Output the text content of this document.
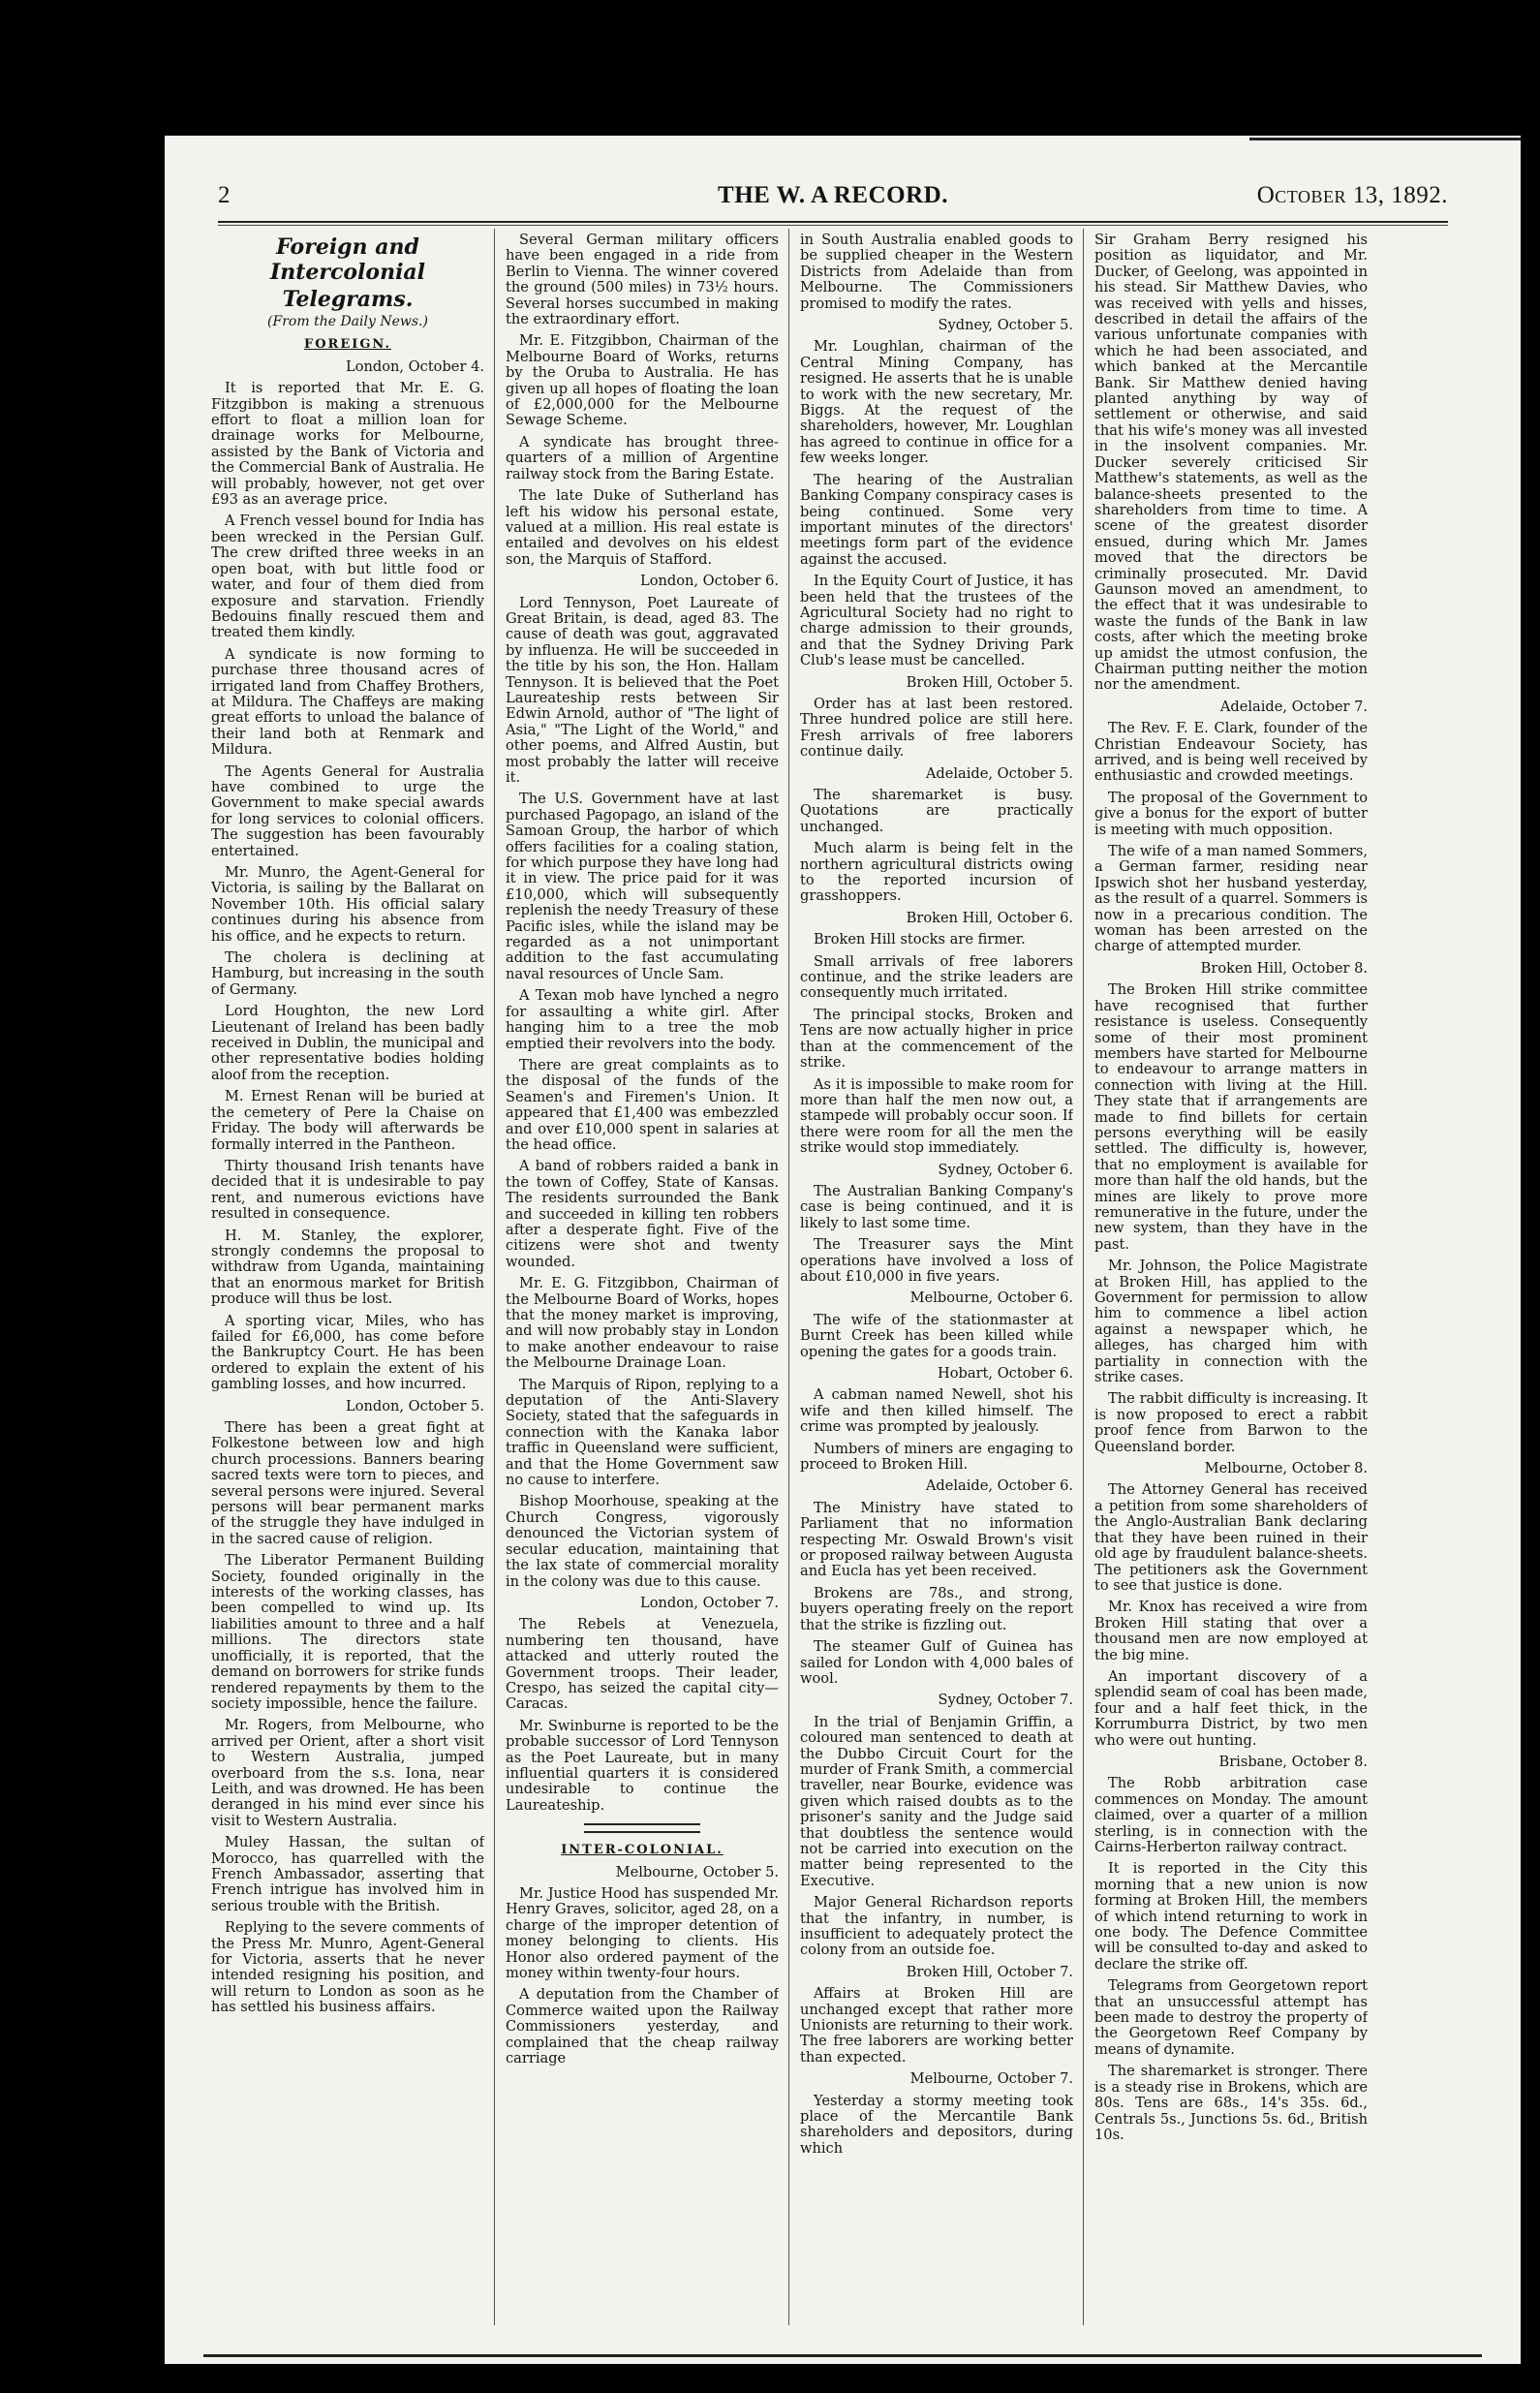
2	THE W. A RECORD.	October 13, 1892.
Foreign and Intercolonial
Telegrams.
(From the Daily News.)
FOREIGN.

London, October 4.

It is reported that Mr. E. G. Fitzgibbon is making a strenuous effort to float a million loan for drainage works for Melbourne, assisted by the Bank of Victoria and the Commercial Bank of Australia. He will probably, however, not get over £93 as an average price.

A French vessel bound for India has been wrecked in the Persian Gulf. The crew drifted three weeks in an open boat, with but little food or water, and four of them died from exposure and starvation. Friendly Bedouins finally rescued them and treated them kindly.

A syndicate is now forming to purchase three thousand acres of irrigated land from Chaffey Brothers, at Mildura. The Chaffeys are making great efforts to unload the balance of their land both at Renmark and Mildura.

The Agents General for Australia have combined to urge the Government to make special awards for long services to colonial officers. The suggestion has been favourably entertained.

Mr. Munro, the Agent-General for Victoria, is sailing by the Ballarat on November 10th. His official salary continues during his absence from his office, and he expects to return.

The cholera is declining at Hamburg, but increasing in the south of Germany.

Lord Houghton, the new Lord Lieutenant of Ireland has been badly received in Dublin, the municipal and other representative bodies holding aloof from the reception.

M. Ernest Renan will be buried at the cemetery of Pere la Chaise on Friday. The body will afterwards be formally interred in the Pantheon.

Thirty thousand Irish tenants have decided that it is undesirable to pay rent, and numerous evictions have resulted in consequence.

H. M. Stanley, the explorer, strongly condemns the proposal to withdraw from Uganda, maintaining that an enormous market for British produce will thus be lost.

A sporting vicar, Miles, who has failed for £6,000, has come before the Bankruptcy Court. He has been ordered to explain the extent of his gambling losses, and how incurred.

London, October 5.

There has been a great fight at Folkestone between low and high church processions. Banners bearing sacred texts were torn to pieces, and several persons were injured. Several persons will bear permanent marks of the struggle they have indulged in in the sacred cause of religion.

The Liberator Permanent Building Society, founded originally in the interests of the working classes, has been compelled to wind up. Its liabilities amount to three and a half millions. The directors state unofficially, it is reported, that the demand on borrowers for strike funds rendered repayments by them to the society impossible, hence the failure.

Mr. Rogers, from Melbourne, who arrived per Orient, after a short visit to Western Australia, jumped overboard from the s.s. Iona, near Leith, and was drowned. He has been deranged in his mind ever since his visit to Western Australia.

Muley Hassan, the sultan of Morocco, has quarrelled with the French Ambassador, asserting that French intrigue has involved him in serious trouble with the British.

Replying to the severe comments of the Press Mr. Munro, Agent-General for Victoria, asserts that he never intended resigning his position, and will return to London as soon as he has settled his business affairs.

Several German military officers have been engaged in a ride from Berlin to Vienna. The winner covered the ground (500 miles) in 73½ hours. Several horses succumbed in making the extraordinary effort.

Mr. E. Fitzgibbon, Chairman of the Melbourne Board of Works, returns by the Oruba to Australia. He has given up all hopes of floating the loan of £2,000,000 for the Melbourne Sewage Scheme.

A syndicate has brought three-quarters of a million of Argentine railway stock from the Baring Estate.

The late Duke of Sutherland has left his widow his personal estate, valued at a million. His real estate is entailed and devolves on his eldest son, the Marquis of Stafford.

London, October 6.

Lord Tennyson, Poet Laureate of Great Britain, is dead, aged 83. The cause of death was gout, aggravated by influenza. He will be succeeded in the title by his son, the Hon. Hallam Tennyson. It is believed that the Poet Laureateship rests between Sir Edwin Arnold, author of "The light of Asia," "The Light of the World," and other poems, and Alfred Austin, but most probably the latter will receive it.

The U.S. Government have at last purchased Pagopago, an island of the Samoan Group, the harbor of which offers facilities for a coaling station, for which purpose they have long had it in view. The price paid for it was £10,000, which will subsequently replenish the needy Treasury of these Pacific isles, while the island may be regarded as a not unimportant addition to the fast accumulating naval resources of Uncle Sam.

A Texan mob have lynched a negro for assaulting a white girl. After hanging him to a tree the mob emptied their revolvers into the body.

There are great complaints as to the disposal of the funds of the Seamen's and Firemen's Union. It appeared that £1,400 was embezzled and over £10,000 spent in salaries at the head office.

A band of robbers raided a bank in the town of Coffey, State of Kansas. The residents surrounded the Bank and succeeded in killing ten robbers after a desperate fight. Five of the citizens were shot and twenty wounded.

Mr. E. G. Fitzgibbon, Chairman of the Melbourne Board of Works, hopes that the money market is improving, and will now probably stay in London to make another endeavour to raise the Melbourne Drainage Loan.

The Marquis of Ripon, replying to a deputation of the Anti-Slavery Society, stated that the safeguards in connection with the Kanaka labor traffic in Queensland were sufficient, and that the Home Government saw no cause to interfere.

Bishop Moorhouse, speaking at the Church Congress, vigorously denounced the Victorian system of secular education, maintaining that the lax state of commercial morality in the colony was due to this cause.

London, October 7.

The Rebels at Venezuela, numbering ten thousand, have attacked and utterly routed the Government troops. Their leader, Crespo, has seized the capital city—Caracas.

Mr. Swinburne is reported to be the probable successor of Lord Tennyson as the Poet Laureate, but in many influential quarters it is considered undesirable to continue the Laureateship.

INTER-COLONIAL.

Melbourne, October 5.

Mr. Justice Hood has suspended Mr. Henry Graves, solicitor, aged 28, on a charge of the improper detention of money belonging to clients. His Honor also ordered payment of the money within twenty-four hours.

A deputation from the Chamber of Commerce waited upon the Railway Commissioners yesterday, and complained that the cheap railway carriage

in South Australia enabled goods to be supplied cheaper in the Western Districts from Adelaide than from Melbourne. The Commissioners promised to modify the rates.

Sydney, October 5.

Mr. Loughlan, chairman of the Central Mining Company, has resigned. He asserts that he is unable to work with the new secretary, Mr. Biggs. At the request of the shareholders, however, Mr. Loughlan has agreed to continue in office for a few weeks longer.

The hearing of the Australian Banking Company conspiracy cases is being continued. Some very important minutes of the directors' meetings form part of the evidence against the accused.

In the Equity Court of Justice, it has been held that the trustees of the Agricultural Society had no right to charge admission to their grounds, and that the Sydney Driving Park Club's lease must be cancelled.

Broken Hill, October 5.

Order has at last been restored. Three hundred police are still here. Fresh arrivals of free laborers continue daily.

Adelaide, October 5.

The sharemarket is busy. Quotations are practically unchanged.

Much alarm is being felt in the northern agricultural districts owing to the reported incursion of grasshoppers.

Broken Hill, October 6.

Broken Hill stocks are firmer.

Small arrivals of free laborers continue, and the strike leaders are consequently much irritated.

The principal stocks, Broken and Tens are now actually higher in price than at the commencement of the strike.

As it is impossible to make room for more than half the men now out, a stampede will probably occur soon. If there were room for all the men the strike would stop immediately.

Sydney, October 6.

The Australian Banking Company's case is being continued, and it is likely to last some time.

The Treasurer says the Mint operations have involved a loss of about £10,000 in five years.

Melbourne, October 6.

The wife of the stationmaster at Burnt Creek has been killed while opening the gates for a goods train.

Hobart, October 6.

A cabman named Newell, shot his wife and then killed himself. The crime was prompted by jealously.

Numbers of miners are engaging to proceed to Broken Hill.

Adelaide, October 6.

The Ministry have stated to Parliament that no information respecting Mr. Oswald Brown's visit or proposed railway between Augusta and Eucla has yet been received.

Brokens are 78s., and strong, buyers operating freely on the report that the strike is fizzling out.

The steamer Gulf of Guinea has sailed for London with 4,000 bales of wool.

Sydney, October 7.

In the trial of Benjamin Griffin, a coloured man sentenced to death at the Dubbo Circuit Court for the murder of Frank Smith, a commercial traveller, near Bourke, evidence was given which raised doubts as to the prisoner's sanity and the Judge said that doubtless the sentence would not be carried into execution on the matter being represented to the Executive.

Major General Richardson reports that the infantry, in number, is insufficient to adequately protect the colony from an outside foe.

Broken Hill, October 7.

Affairs at Broken Hill are unchanged except that rather more Unionists are returning to their work. The free laborers are working better than expected.

Melbourne, October 7.

Yesterday a stormy meeting took place of the Mercantile Bank shareholders and depositors, during which

Sir Graham Berry resigned his position as liquidator, and Mr. Ducker, of Geelong, was appointed in his stead. Sir Matthew Davies, who was received with yells and hisses, described in detail the affairs of the various unfortunate companies with which he had been associated, and which banked at the Mercantile Bank. Sir Matthew denied having planted anything by way of settlement or otherwise, and said that his wife's money was all invested in the insolvent companies. Mr. Ducker severely criticised Sir Matthew's statements, as well as the balance-sheets presented to the shareholders from time to time. A scene of the greatest disorder ensued, during which Mr. James moved that the directors be criminally prosecuted. Mr. David Gaunson moved an amendment, to the effect that it was undesirable to waste the funds of the Bank in law costs, after which the meeting broke up amidst the utmost confusion, the Chairman putting neither the motion nor the amendment.

Adelaide, October 7.

The Rev. F. E. Clark, founder of the Christian Endeavour Society, has arrived, and is being well received by enthusiastic and crowded meetings.

The proposal of the Government to give a bonus for the export of butter is meeting with much opposition.

The wife of a man named Sommers, a German farmer, residing near Ipswich shot her husband yesterday, as the result of a quarrel. Sommers is now in a precarious condition. The woman has been arrested on the charge of attempted murder.

Broken Hill, October 8.

The Broken Hill strike committee have recognised that further resistance is useless. Consequently some of their most prominent members have started for Melbourne to endeavour to arrange matters in connection with living at the Hill. They state that if arrangements are made to find billets for certain persons everything will be easily settled. The difficulty is, however, that no employment is available for more than half the old hands, but the mines are likely to prove more remunerative in the future, under the new system, than they have in the past.

Mr. Johnson, the Police Magistrate at Broken Hill, has applied to the Government for permission to allow him to commence a libel action against a newspaper which, he alleges, has charged him with partiality in connection with the strike cases.

The rabbit difficulty is increasing. It is now proposed to erect a rabbit proof fence from Barwon to the Queensland border.

Melbourne, October 8.

The Attorney General has received a petition from some shareholders of the Anglo-Australian Bank declaring that they have been ruined in their old age by fraudulent balance-sheets. The petitioners ask the Government to see that justice is done.

Mr. Knox has received a wire from Broken Hill stating that over a thousand men are now employed at the big mine.

An important discovery of a splendid seam of coal has been made, four and a half feet thick, in the Korrumburra District, by two men who were out hunting.

Brisbane, October 8.

The Robb arbitration case commences on Monday. The amount claimed, over a quarter of a million sterling, is in connection with the Cairns-Herberton railway contract.

It is reported in the City this morning that a new union is now forming at Broken Hill, the members of which intend returning to work in one body. The Defence Committee will be consulted to-day and asked to declare the strike off.

Telegrams from Georgetown report that an unsuccessful attempt has been made to destroy the property of the Georgetown Reef Company by means of dynamite.

The sharemarket is stronger. There is a steady rise in Brokens, which are 80s. Tens are 68s., 14's 35s. 6d., Centrals 5s., Junctions 5s. 6d., British 10s.
